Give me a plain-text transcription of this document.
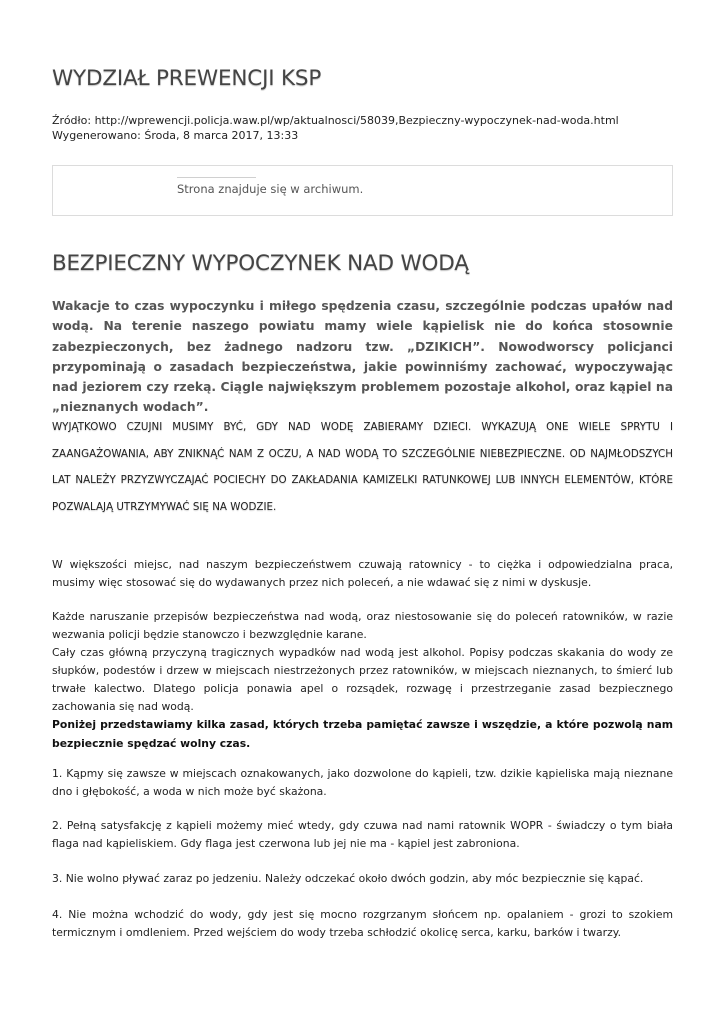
WYDZIAŁ PREWENCJI KSP
Źródło: http://wprewencji.policja.waw.pl/wp/aktualnosci/58039,Bezpieczny-wypoczynek-nad-woda.html
Wygenerowano: Środa, 8 marca 2017, 13:33
Strona znajduje się w archiwum.
BEZPIECZNY WYPOCZYNEK NAD WODĄ

Wakacje to czas wypoczynku i miłego spędzenia czasu, szczególnie podczas upałów nad wodą. Na terenie naszego powiatu mamy wiele kąpielisk nie do końca stosownie zabezpieczonych, bez żadnego nadzoru tzw. „DZIKICH”. Nowodworscy policjanci przypominają o zasadach bezpieczeństwa, jakie powinniśmy zachować, wypoczywając nad jeziorem czy rzeką. Ciągle największym problemem pozostaje alkohol, oraz kąpiel na „nieznanych wodach”.

WYJĄTKOWO CZUJNI MUSIMY BYĆ, GDY NAD WODĘ ZABIERAMY DZIECI. WYKAZUJĄ ONE WIELE SPRYTU I ZAANGAŻOWANIA, ABY ZNIKNĄĆ NAM Z OCZU, A NAD WODĄ TO SZCZEGÓLNIE NIEBEZPIECZNE. OD NAJMŁODSZYCH LAT NALEŻY PRZYZWYCZAJAĆ POCIECHY DO ZAKŁADANIA KAMIZELKI RATUNKOWEJ LUB INNYCH ELEMENTÓW, KTÓRE POZWALAJĄ UTRZYMYWAĆ SIĘ NA WODZIE.

W większości miejsc, nad naszym bezpieczeństwem czuwają ratownicy - to ciężka i odpowiedzialna praca, musimy więc stosować się do wydawanych przez nich poleceń, a nie wdawać się z nimi w dyskusje.

Każde naruszanie przepisów bezpieczeństwa nad wodą, oraz niestosowanie się do poleceń ratowników, w razie wezwania policji będzie stanowczo i bezwzględnie karane.

Cały czas główną przyczyną tragicznych wypadków nad wodą jest alkohol. Popisy podczas skakania do wody ze słupków, podestów i drzew w miejscach niestrzeżonych przez ratowników, w miejscach nieznanych, to śmierć lub trwałe kalectwo. Dlatego policja ponawia apel o rozsądek, rozwagę i przestrzeganie zasad bezpiecznego zachowania się nad wodą.

Poniżej przedstawiamy kilka zasad, których trzeba pamiętać zawsze i wszędzie, a które pozwolą nam bezpiecznie spędzać wolny czas.

1. Kąpmy się zawsze w miejscach oznakowanych, jako dozwolone do kąpieli, tzw. dzikie kąpieliska mają nieznane dno i głębokość, a woda w nich może być skażona.

2. Pełną satysfakcję z kąpieli możemy mieć wtedy, gdy czuwa nad nami ratownik WOPR - świadczy o tym biała flaga nad kąpieliskiem. Gdy flaga jest czerwona lub jej nie ma - kąpiel jest zabroniona.

3. Nie wolno pływać zaraz po jedzeniu. Należy odczekać około dwóch godzin, aby móc bezpiecznie się kąpać.

4. Nie można wchodzić do wody, gdy jest się mocno rozgrzanym słońcem np. opalaniem - grozi to szokiem termicznym i omdleniem. Przed wejściem do wody trzeba schłodzić okolicę serca, karku, barków i twarzy.
